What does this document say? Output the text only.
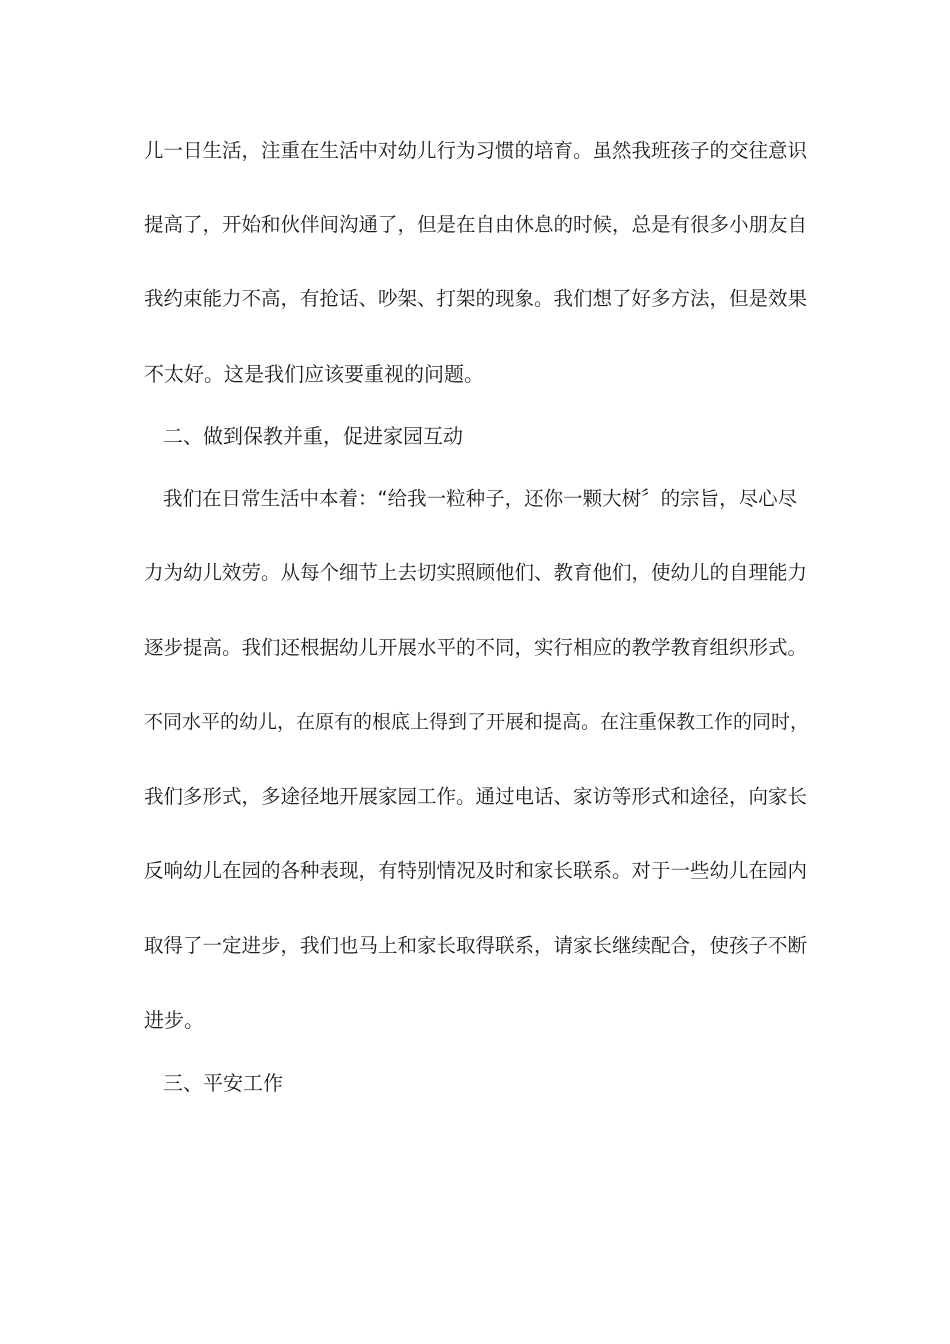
儿一日生活，注重在生活中对幼儿行为习惯的培育。虽然我班孩子的交往意识
提高了，开始和伙伴间沟通了，但是在自由休息的时候，总是有很多小朋友自
我约束能力不高，有抢话、吵架、打架的现象。我们想了好多方法，但是效果
不太好。这是我们应该要重视的问题。
二、做到保教并重，促进家园互动
我们在日常生活中本着：“给我一粒种子，还你一颗大树〞的宗旨，尽心尽
力为幼儿效劳。从每个细节上去切实照顾他们、教育他们，使幼儿的自理能力
逐步提高。我们还根据幼儿开展水平的不同，实行相应的教学教育组织形式。
不同水平的幼儿，在原有的根底上得到了开展和提高。在注重保教工作的同时，
我们多形式，多途径地开展家园工作。通过电话、家访等形式和途径，向家长
反响幼儿在园的各种表现，有特别情况及时和家长联系。对于一些幼儿在园内
取得了一定进步，我们也马上和家长取得联系，请家长继续配合，使孩子不断
进步。
三、平安工作
